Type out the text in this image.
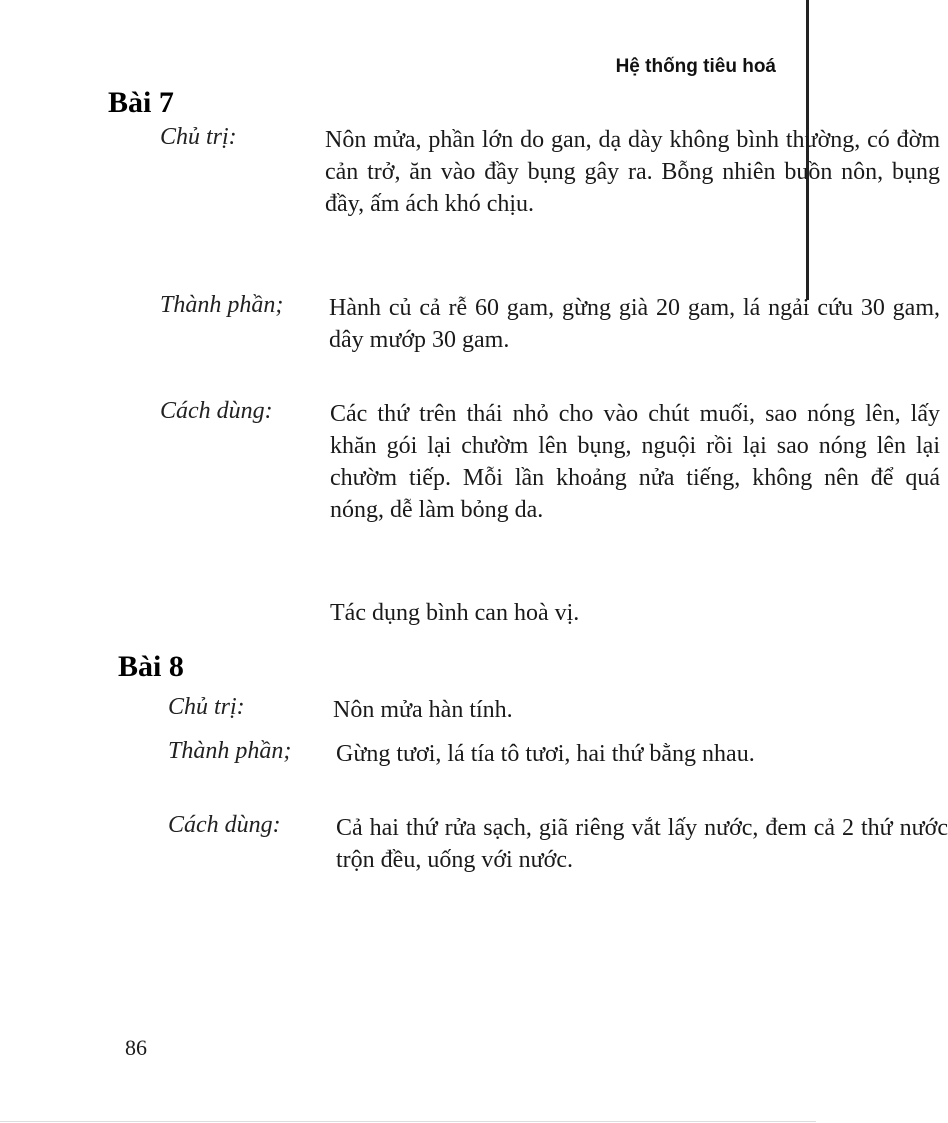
Hệ thống tiêu hoá
Bài 7
Chủ trị:	Nôn mửa, phần lớn do gan, dạ dày không bình thường, có đờm cản trở, ăn vào đầy bụng gây ra. Bỗng nhiên buồn nôn, bụng đầy, ấm ách khó chịu.
Thành phần; Hành củ cả rễ 60 gam, gừng già 20 gam, lá ngải cứu 30 gam, dây mướp 30 gam.
Cách dùng: Các thứ trên thái nhỏ cho vào chút muối, sao nóng lên, lấy khăn gói lại chườm lên bụng, nguội rồi lại sao nóng lên lại chườm tiếp. Mỗi lần khoảng nửa tiếng, không nên để quá nóng, dễ làm bỏng da.
Tác dụng bình can hoà vị.
Bài 8
Chủ trị:	Nôn mửa hàn tính.
Thành phần; Gừng tươi, lá tía tô tươi, hai thứ bằng nhau.
Cách dùng: Cả hai thứ rửa sạch, giã riêng vắt lấy nước, đem cả 2 thứ nước trộn đều, uống với nước.
86
